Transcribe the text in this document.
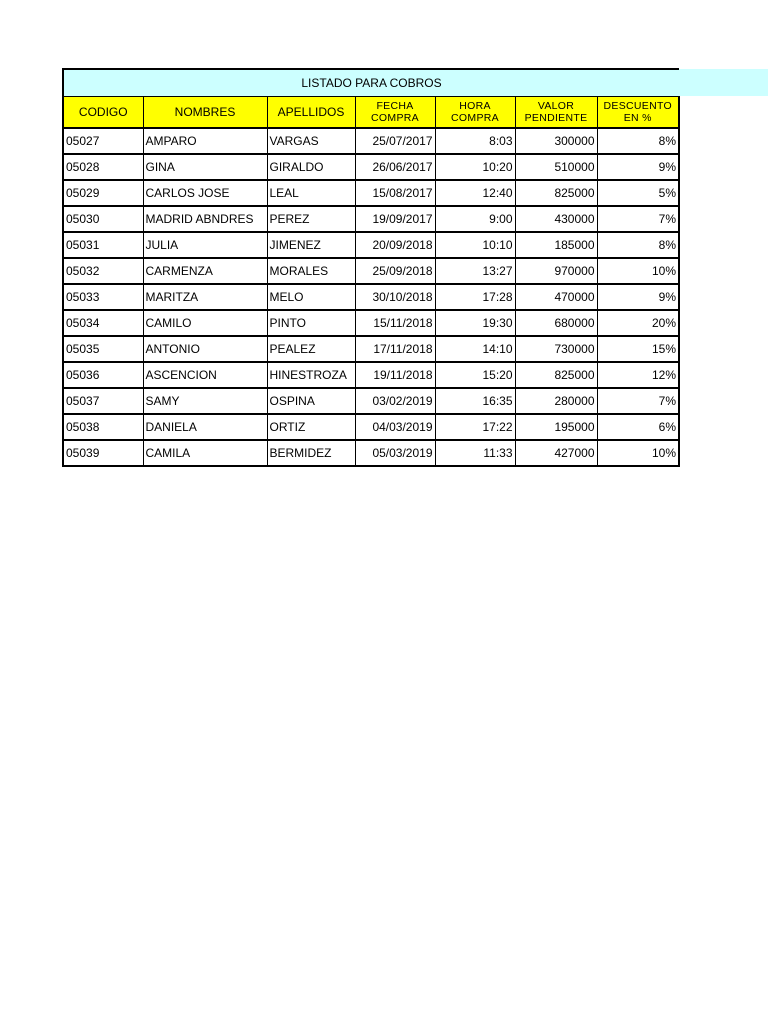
LISTADO PARA COBROS						
CODIGO	NOMBRES	APELLIDOS	FECHA COMPRA	HORA COMPRA	VALOR PENDIENTE	DESCUENTO EN %
05027	AMPARO	VARGAS	25/07/2017	8:03	300000	8%
05028	GINA	GIRALDO	26/06/2017	10:20	510000	9%
05029	CARLOS JOSE	LEAL	15/08/2017	12:40	825000	5%
05030	MADRID ABNDRES	PEREZ	19/09/2017	9:00	430000	7%
05031	JULIA	JIMENEZ	20/09/2018	10:10	185000	8%
05032	CARMENZA	MORALES	25/09/2018	13:27	970000	10%
05033	MARITZA	MELO	30/10/2018	17:28	470000	9%
05034	CAMILO	PINTO	15/11/2018	19:30	680000	20%
05035	ANTONIO	PEALEZ	17/11/2018	14:10	730000	15%
05036	ASCENCION	HINESTROZA	19/11/2018	15:20	825000	12%
05037	SAMY	OSPINA	03/02/2019	16:35	280000	7%
05038	DANIELA	ORTIZ	04/03/2019	17:22	195000	6%
05039	CAMILA	BERMIDEZ	05/03/2019	11:33	427000	10%
